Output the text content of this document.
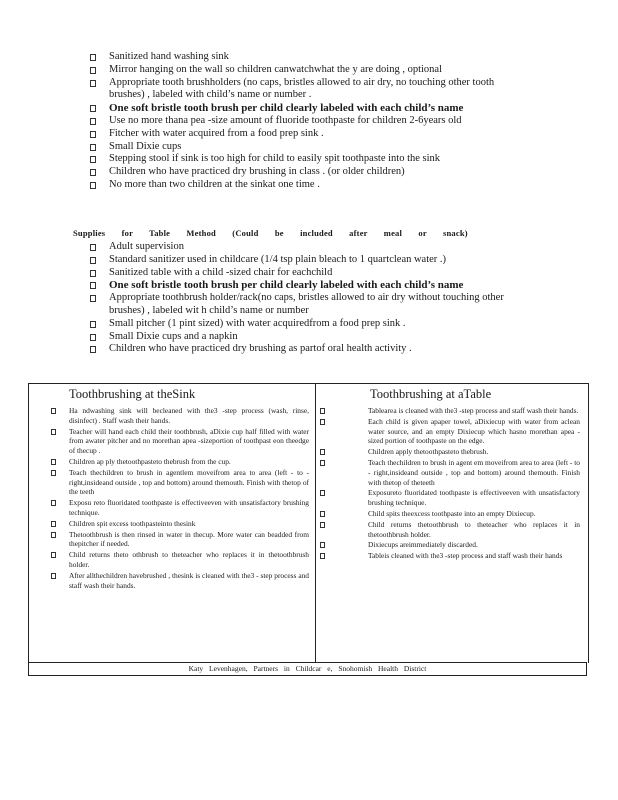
Sanitized hand washing sink
Mirror hanging on the wall so children canwatchwhat the y are doing , optional
Appropriate tooth brushholders (no caps, bristles allowed to air dry, no touching other tooth brushes) , labeled with child’s name or number .
One soft bristle tooth brush per child clearly labeled with each child’s name
Use no more thana pea -size amount of fluoride toothpaste for children 2-6years old
Fitcher with water acquired from a food prep sink .
Small Dixie cups
Stepping stool if sink is too high for child to easily spit toothpaste into the sink
Children who have practiced dry brushing in class . (or older children)
No more than two children at the sinkat one time .

Supplies for Table Method (Could be included after meal or snack)

Adult supervision
Standard sanitizer used in childcare (1/4 tsp plain bleach to 1 quartclean water .)
Sanitized table with a child -sized chair for eachchild
One soft bristle tooth brush per child clearly labeled with each child’s name
Appropriate toothbrush holder/rack(no caps, bristles allowed to air dry without touching other brushes) , labeled wit h child’s name or number
Small pitcher (1 pint sized) with water acquiredfrom a food prep sink .
Small Dixie cups and a napkin
Children who have practiced dry brushing as partof oral health activity .
Toothbrushing at theSink
Ha ndwashing sink will becleaned with the3 -step process (wash, rinse, disinfect) . Staff wash their hands.
Teacher will hand each child their toothbrush, aDixie cup half filled with water from awater pitcher and no morethan apea -sizeportion of toothpast eon theedge of thecup .
Children ap ply thetoothpasteto thebrush from the cup.
Teach thechildren to brush in agentlem moveifrom area to area (left - to - right,insideand outside , top and bottom) around themouth. Finish with thetop of the teeth
Exposu reto fluoridated toothpaste is effectiveeven with unsatisfactory brushing technique.
Children spit excess toothpasteinto thesink
Thetoothbrush is then rinsed in water in thecup. More water can beadded from thepitcher if needed.
Child returns theto othbrush to theteacher who replaces it in thetoothbrush holder.
After allthechildren havebrushed , thesink is cleaned with the3 - step process and staff wash their hands.
Toothbrushing at aTable
Tablearea is cleaned with the3 -step process and staff wash their hands.
Each child is given apaper towel, aDixiecup with water from aclean water source, and an empty Dixiecup which hasno morethan apea - sized portion of toothpaste on the edge.
Children apply thetoothpasteto thebrush.
Teach thechildren to brush in agent em moveifrom area to area (left - to - right,insideand outside , top and bottom) around themouth. Finish with thetop of theteeth
Exposureto fluoridated toothpaste is effectiveeven with unsatisfactory brushing technique.
Child spits theexcess toothpaste into an empty Dixiecup.
Child returns thetoothbrush to theteacher who replaces it in thetoothbrush holder.
Dixiecups areimmediately discarded.
Tableis cleaned with the3 -step process and staff wash their hands
Katy Levenhagen, Partners in Childcar e, Snohomish Health District
